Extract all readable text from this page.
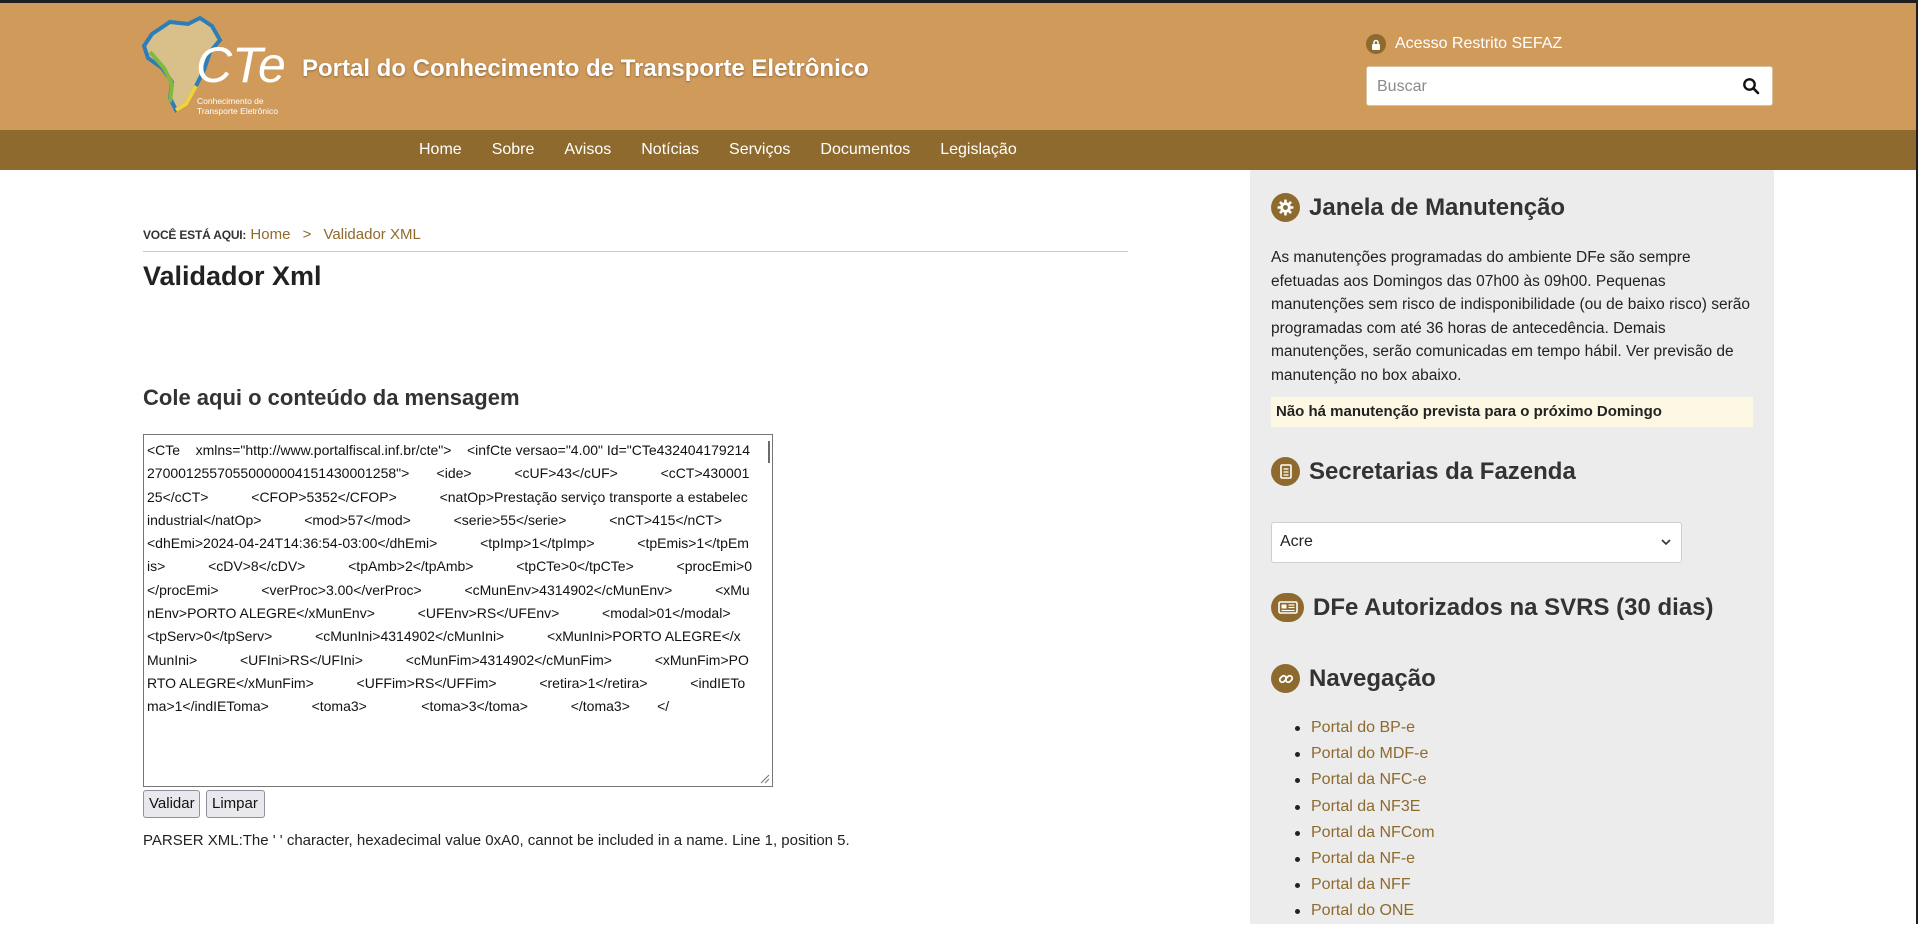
CTe
Conhecimento de
Transporte Eletrônico
Portal do Conhecimento de Transporte Eletrônico
Acesso Restrito SEFAZ
Buscar
Home	Sobre	Avisos	Notícias	Serviços	Documentos	Legislação
VOCÊ ESTÁ AQUI: Home > Validador XML
Validador Xml
Cole aqui o conteúdo da mensagem
<CTe    xmlns="http://www.portalfiscal.inf.br/cte">    <infCte versao="4.00" Id="CTe43240417921427000125570550000004151430001258">       <ide>           <cUF>43</cUF>           <cCT>43000125</cCT>           <CFOP>5352</CFOP>           <natOp>Prestação serviço transporte a estabelec industrial</natOp>           <mod>57</mod>           <serie>55</serie>           <nCT>415</nCT>           <dhEmi>2024-04-24T14:36:54-03:00</dhEmi>           <tpImp>1</tpImp>           <tpEmis>1</tpEmis>           <cDV>8</cDV>           <tpAmb>2</tpAmb>           <tpCTe>0</tpCTe>           <procEmi>0</procEmi>           <verProc>3.00</verProc>           <cMunEnv>4314902</cMunEnv>           <xMunEnv>PORTO ALEGRE</xMunEnv>           <UFEnv>RS</UFEnv>           <modal>01</modal>           <tpServ>0</tpServ>           <cMunIni>4314902</cMunIni>           <xMunIni>PORTO ALEGRE</xMunIni>           <UFIni>RS</UFIni>           <cMunFim>4314902</cMunFim>           <xMunFim>PORTO ALEGRE</xMunFim>           <UFFim>RS</UFFim>           <retira>1</retira>           <indIEToma>1</indIEToma>           <toma3>              <toma>3</toma>           </toma3>       </
Validar	Limpar
PARSER XML:The ' ' character, hexadecimal value 0xA0, cannot be included in a name. Line 1, position 5.
Janela de Manutenção

As manutenções programadas do ambiente DFe são sempre efetuadas aos Domingos das 07h00 às 09h00. Pequenas manutenções sem risco de indisponibilidade (ou de baixo risco) serão programadas com até 36 horas de antecedência. Demais manutenções, serão comunicadas em tempo hábil. Ver previsão de manutenção no box abaixo.

Não há manutenção prevista para o próximo Domingo
Secretarias da Fazenda
Acre
DFe Autorizados na SVRS (30 dias)
Navegação
Portal do BP-e
Portal do MDF-e
Portal da NFC-e
Portal da NF3E
Portal da NFCom
Portal da NF-e
Portal da NFF
Portal do ONE
